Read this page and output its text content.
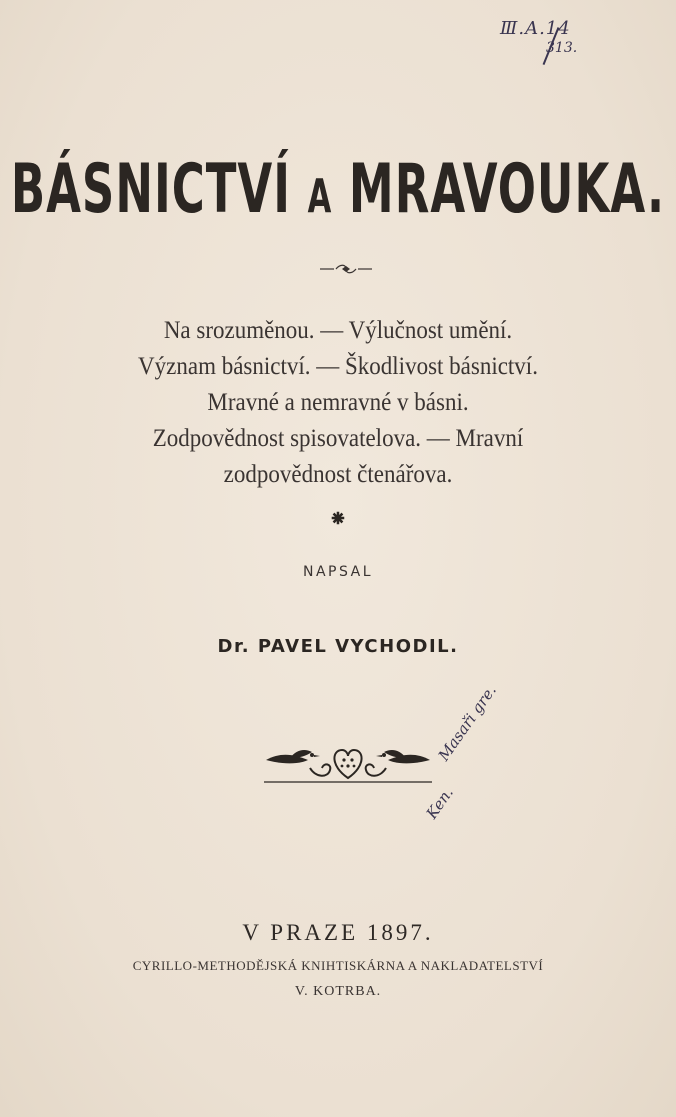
Ⅲ.A.14
313.
BÁSNICTVÍ A MRAVOUKA.
Na srozuměnou. — Výlučnost umění.
Význam básnictví. — Škodlivost básnictví.
Mravné a nemravné v básni.
Zodpovědnost spisovatelova. — Mravní
zodpovědnost čtenářova.
⁕
NAPSAL
Dr. PAVEL VYCHODIL.
Masaři gre.
Ken.
V PRAZE 1897.
CYRILLO-METHODĚJSKÁ KNIHTISKÁRNA A NAKLADATELSTVÍ
V. KOTRBA.
